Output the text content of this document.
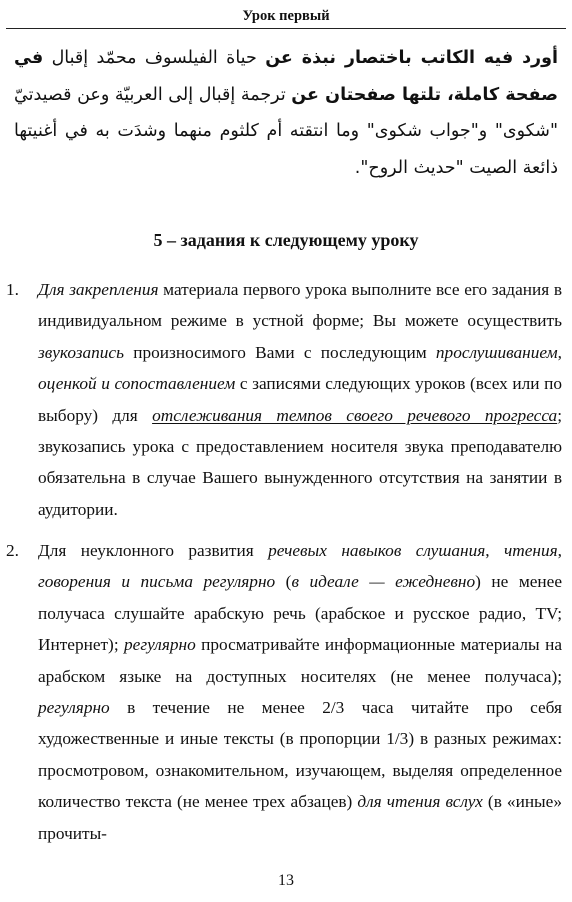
Урок первый
أورد فيه الكاتب باختصار نبذة عن حياة الفيلسوف محمّد إقبال في صفحة كاملة، تلتها صفحتان عن ترجمة إقبال إلى العربيّة وعن قصيدتيّ "شكوى" و"جواب شكوى" وما انتقته أم كلثوم منهما وشدَت به في أغنيتها ذائعة الصيت "حديث الروح".
5 – задания к следующему уроку
1.	Для закрепления материала первого урока выполните все его задания в индивидуальном режиме в устной форме; Вы можете осуществить звукозапись произносимого Вами с последующим прослушиванием, оценкой и сопоставлением с записями следующих уроков (всех или по выбору) для отслеживания темпов своего речевого прогресса; звукозапись урока с предоставлением носителя звука преподавателю обязательна в случае Вашего вынужденного отсутствия на занятии в аудитории.
2.	Для неуклонного развития речевых навыков слушания, чтения, говорения и письма регулярно (в идеале — ежедневно) не менее получаса слушайте арабскую речь (арабское и русское радио, TV; Интернет); регулярно просматривайте информационные материалы на арабском языке на доступных носителях (не менее получаса); регулярно в течение не менее 2/3 часа читайте про себя художественные и иные тексты (в пропорции 1/3) в разных режимах: просмотровом, ознакомительном, изучающем, выделяя определенное количество текста (не менее трех абзацев) для чтения вслух (в «иные» прочиты-
13
